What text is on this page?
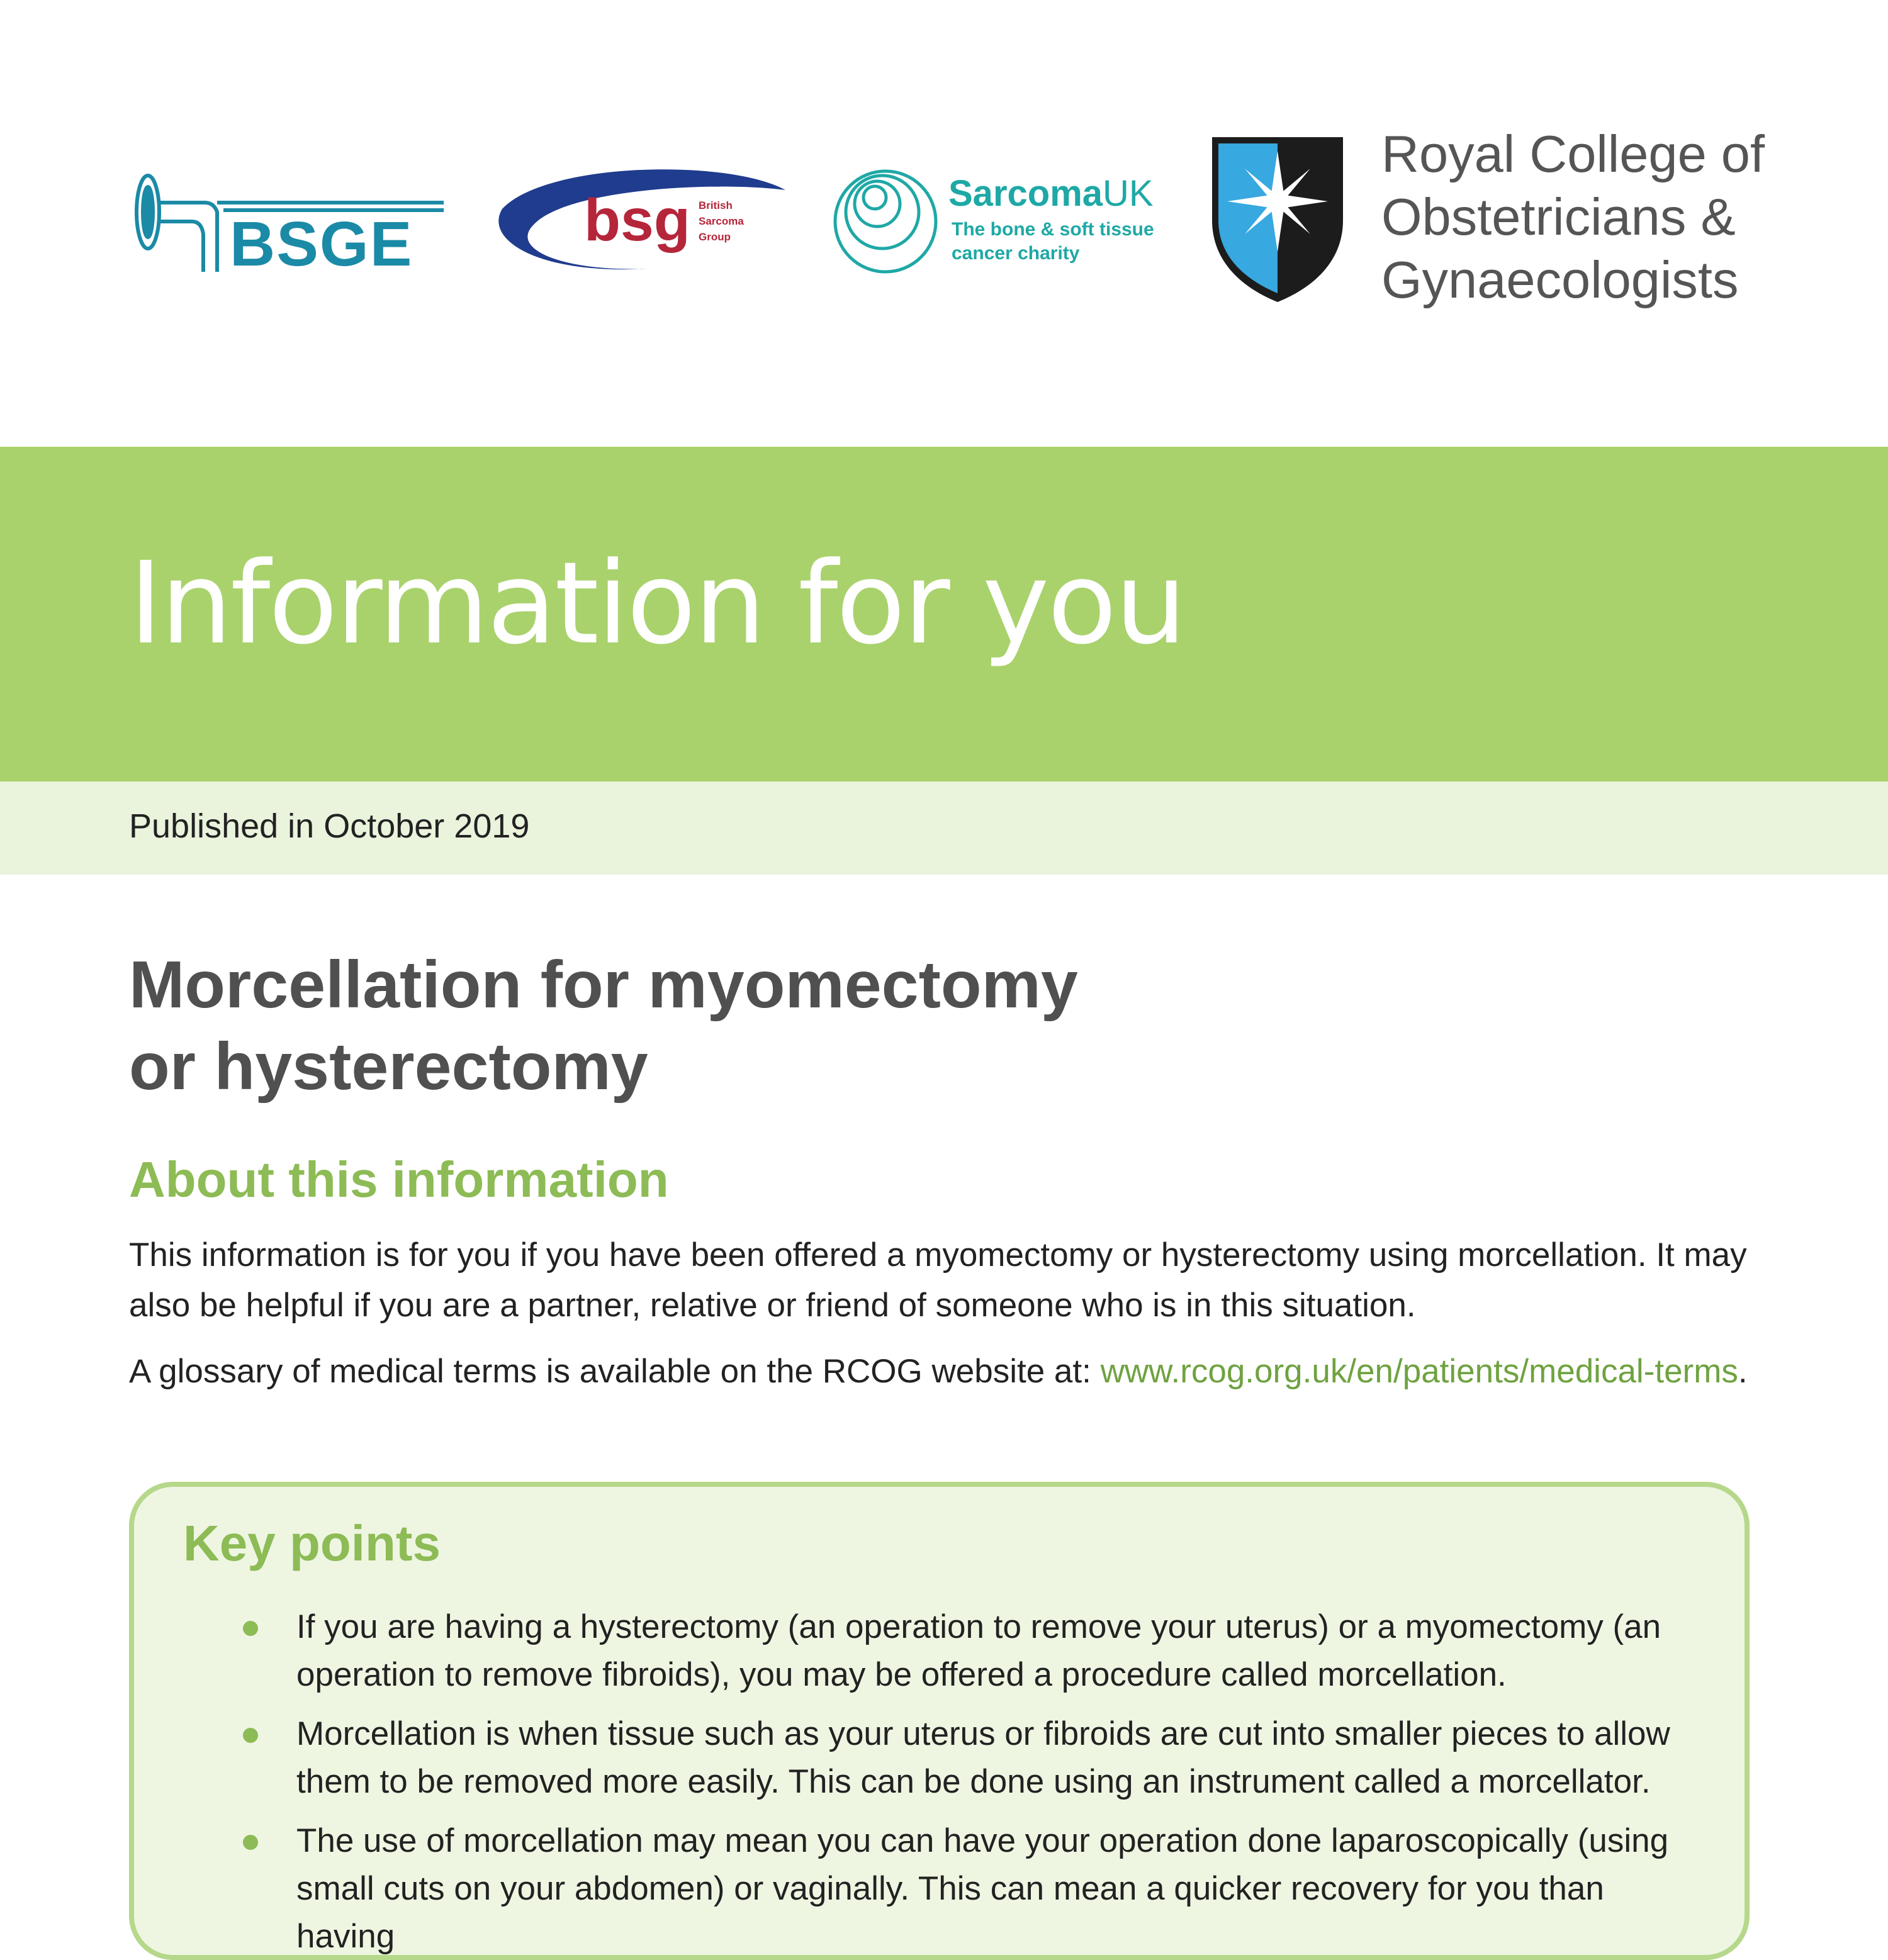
BSGE	bsg British
Sarcoma
Group
SarcomaUK
The bone & soft tissue
cancer charity
Royal College of
Obstetricians &
Gynaecologists
Information for you
Published in October 2019
Morcellation for myomectomy
or hysterectomy
About this information

This information is for you if you have been offered a myomectomy or hysterectomy using morcellation. It may also be helpful if you are a partner, relative or friend of someone who is in this situation.

A glossary of medical terms is available on the RCOG website at: www.rcog.org.uk/en/patients/medical-terms.

Key points
If you are having a hysterectomy (an operation to remove your uterus) or a myomectomy (an operation to remove fibroids), you may be offered a procedure called morcellation.
Morcellation is when tissue such as your uterus or fibroids are cut into smaller pieces to allow them to be removed more easily. This can be done using an instrument called a morcellator.
The use of morcellation may mean you can have your operation done laparoscopically (using small cuts on your abdomen) or vaginally. This can mean a quicker recovery for you than having
